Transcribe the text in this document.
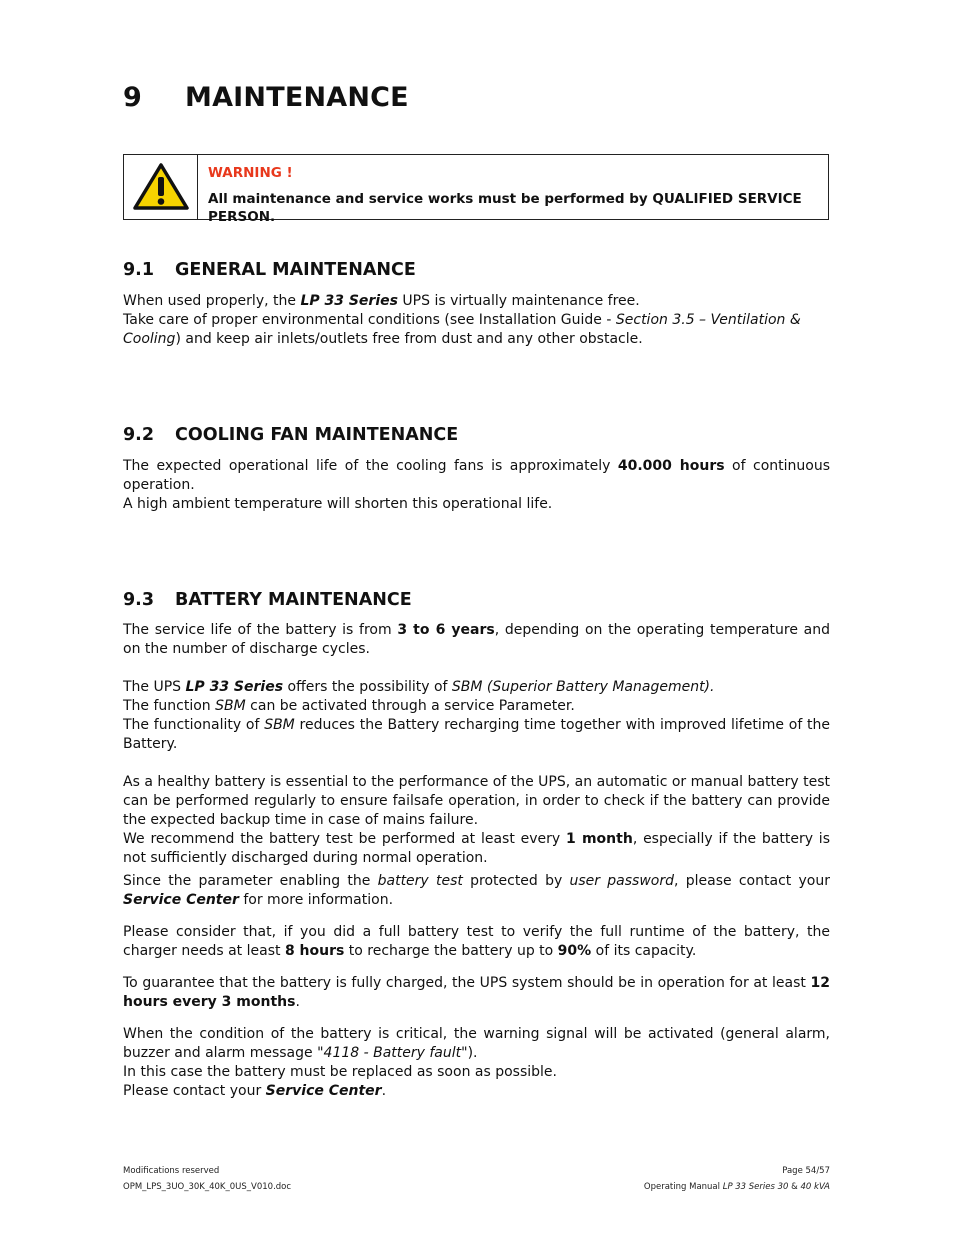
9 MAINTENANCE
WARNING !
All maintenance and service works must be performed by QUALIFIED SERVICE PERSON.
9.1 GENERAL MAINTENANCE

When used properly, the LP 33 Series UPS is virtually maintenance free.

Take care of proper environmental conditions (see Installation Guide - Section 3.5 – Ventilation & Cooling) and keep air inlets/outlets free from dust and any other obstacle.

9.2 COOLING FAN MAINTENANCE

The expected operational life of the cooling fans is approximately 40.000 hours of continuous operation.

A high ambient temperature will shorten this operational life.

9.3 BATTERY MAINTENANCE

The service life of the battery is from 3 to 6 years, depending on the operating temperature and on the number of discharge cycles.

The UPS LP 33 Series offers the possibility of SBM (Superior Battery Management).

The function SBM can be activated through a service Parameter.

The functionality of SBM reduces the Battery recharging time together with improved lifetime of the Battery.

As a healthy battery is essential to the performance of the UPS, an automatic or manual battery test can be performed regularly to ensure failsafe operation, in order to check if the battery can provide the expected backup time in case of mains failure.

We recommend the battery test be performed at least every 1 month, especially if the battery is not sufficiently discharged during normal operation.

Since the parameter enabling the battery test protected by user password, please contact your Service Center for more information.

Please consider that, if you did a full battery test to verify the full runtime of the battery, the charger needs at least 8 hours to recharge the battery up to 90% of its capacity.

To guarantee that the battery is fully charged, the UPS system should be in operation for at least 12 hours every 3 months.

When the condition of the battery is critical, the warning signal will be activated (general alarm, buzzer and alarm message "4118 - Battery fault").

In this case the battery must be replaced as soon as possible.

Please contact your Service Center.

Modifications reserved	Page 54/57
OPM_LPS_3UO_30K_40K_0US_V010.doc	Operating Manual LP 33 Series 30 & 40 kVA
